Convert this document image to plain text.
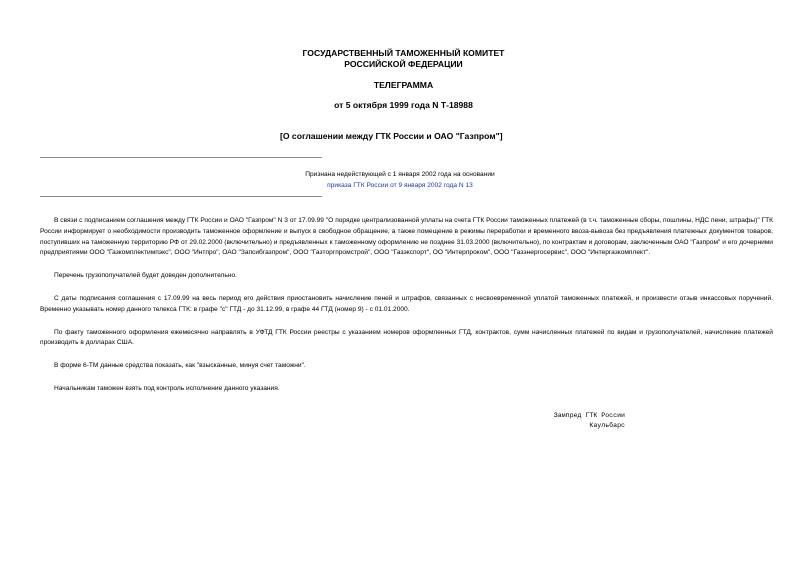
ГОСУДАРСТВЕННЫЙ ТАМОЖЕННЫЙ КОМИТЕТ
РОССИЙСКОЙ ФЕДЕРАЦИИ
ТЕЛЕГРАММА
от 5 октября 1999 года N Т-18988
[О соглашении между ГТК России и ОАО "Газпром"]
Признана недействующей с 1 января 2002 года на основании
приказа ГТК России от 9 января 2002 года N 13

В связи с подписанием соглашения между ГТК России и ОАО "Газпром" N 3 от 17.09.99 "О порядке централизованной уплаты на счета ГТК России таможенных платежей (в т.ч. таможенные сборы, пошлины, НДС пени, штрафы)" ГТК России информирует о необходимости производить таможенное оформление и выпуск в свободное обращение, а также помещение в режимы переработки и временного ввоза-вывоза без предъявления платежных документов товаров, поступивших на таможенную территорию РФ от 29.02.2000 (включительно) и предъявленных к таможенному оформлению не позднее 31.03.2000 (включительно), по контрактам и договорам, заключенным ОАО "Газпром" и его дочерними предприятиями ООО "Газкомплектимпэкс", ООО "Интпро", ОАО "Запсибгазпром", ООО "Газторгпромстрой", ООО "Газэкспорт", ОО "Интерпроком", ООО "Газэнергосервис", ООО "Интергазкомплект".

Перечень грузополучателей будет доведен дополнительно.

С даты подписания соглашения с 17.09.99 на весь период его действия приостановить начисление пеней и штрафов, связанных с несвоевременной уплатой таможенных платежей, и произвести отзыв инкассовых поручений. Временно указывать номер данного телекса ГТК: в графе "с" ГТД - до 31.12.99, в графе 44 ГТД (номер 9) - с 01.01.2000.

По факту таможенного оформления ежемесячно направлять в УФТД ГТК России реестры с указанием номеров оформленных ГТД, контрактов, сумм начисленных платежей по видам и грузополучателей, начисление платежей производить в долларах США.

В форме 6-ТМ данные средства показать, как "взысканные, минуя счет таможни".

Начальникам таможен взять под контроль исполнение данного указания.

Зампред ГТК России
Каульбарс
